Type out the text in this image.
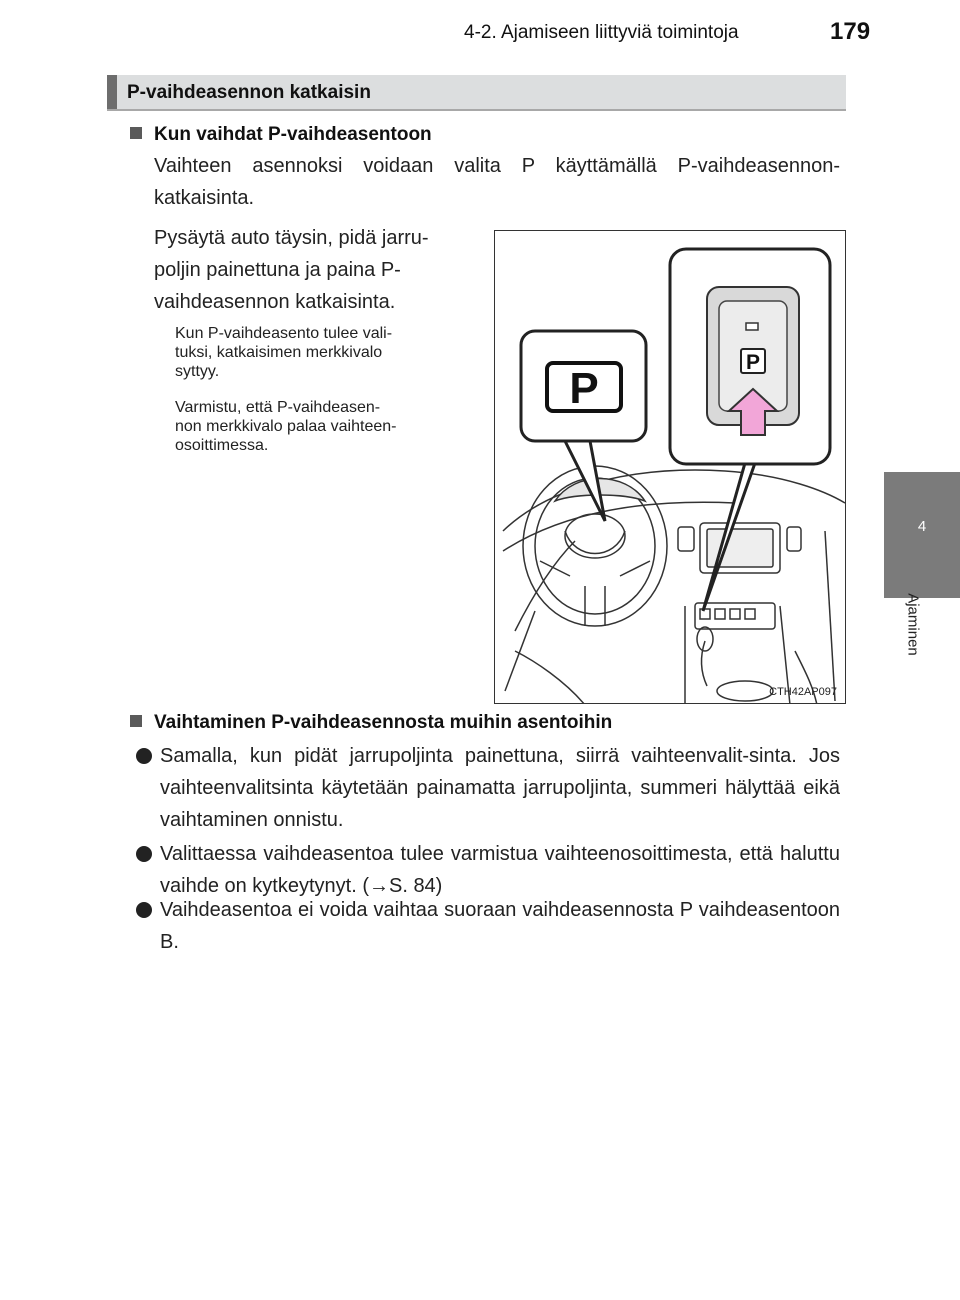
4-2. Ajamiseen liittyviä toimintoja	179
4
Ajaminen
P-vaihdeasennon katkaisin
Kun vaihdat P-vaihdeasentoon
Vaihteen asennoksi voidaan valita P käyttämällä P-vaihdeasennon-katkaisinta.
Pysäytä auto täysin, pidä jarru-
poljin painettuna ja paina P-
vaihdeasennon katkaisinta.
Kun P-vaihdeasento tulee vali-
tuksi, katkaisimen merkkivalo
syttyy.
Varmistu, että P-vaihdeasen-
non merkkivalo palaa vaihteen-
osoittimessa.
P
P
CTH42AP097
Vaihtaminen P-vaihdeasennosta muihin asentoihin
Samalla, kun pidät jarrupoljinta painettuna, siirrä vaihteenvalit-sinta. Jos vaihteenvalitsinta käytetään painamatta jarrupoljinta, summeri hälyttää eikä vaihtaminen onnistu.
Valittaessa vaihdeasentoa tulee varmistua vaihteenosoittimesta, että haluttu vaihde on kytkeytynyt. (→S. 84)
Vaihdeasentoa ei voida vaihtaa suoraan vaihdeasennosta P vaihdeasentoon B.
